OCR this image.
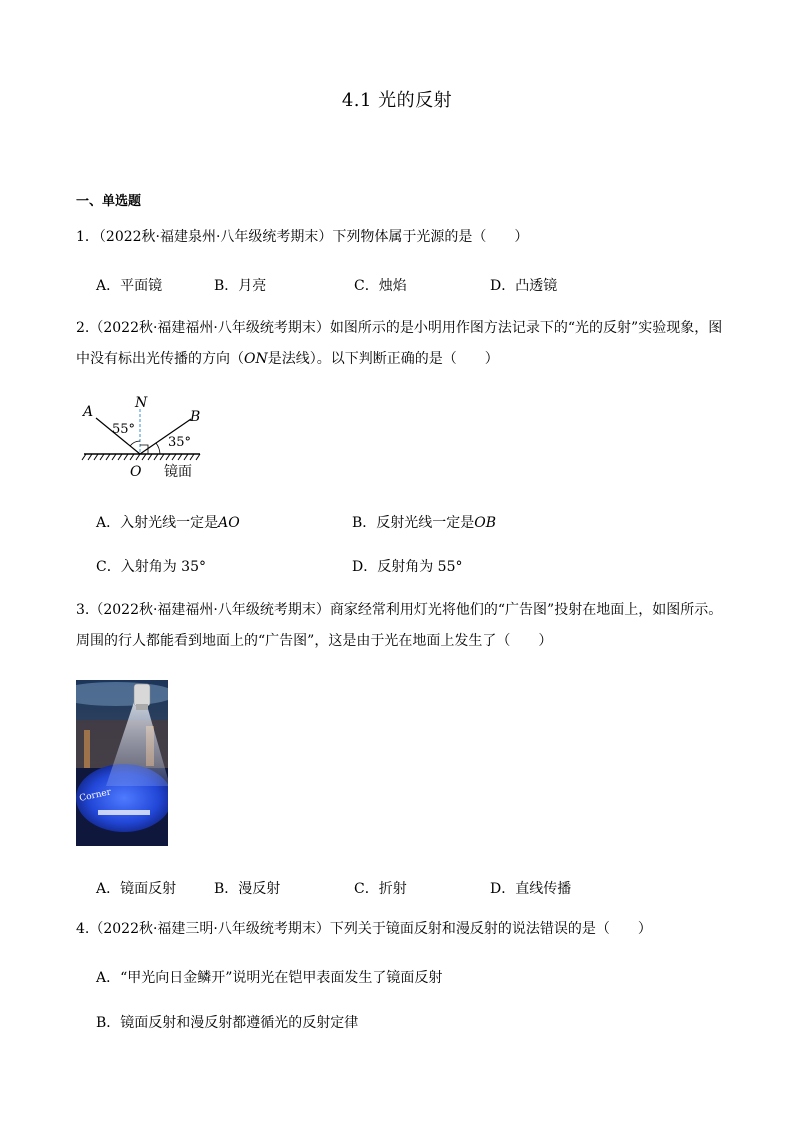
4.1 光的反射
一、单选题
1．（2022秋·福建泉州·八年级统考期末）下列物体属于光源的是（　　）
A．平面镜	B．月亮	C．烛焰	D．凸透镜
2.（2022秋·福建福州·八年级统考期末）如图所示的是小明用作图方法记录下的“光的反射”实验现象，图
中没有标出光传播的方向（ON是法线）。以下判断正确的是（　　）
A
N
B
55°
35°
O 镜面
A．入射光线一定是AO	B．反射光线一定是OB
C．入射角为 35°	D．反射角为 55°
3.（2022秋·福建福州·八年级统考期末）商家经常利用灯光将他们的“广告图”投射在地面上，如图所示。
周围的行人都能看到地面上的“广告图”，这是由于光在地面上发生了（　　）
Corner
A．镜面反射	B．漫反射	C．折射	D．直线传播
4.（2022秋·福建三明·八年级统考期末）下列关于镜面反射和漫反射的说法错误的是（　　）
A．“甲光向日金鳞开”说明光在铠甲表面发生了镜面反射
B．镜面反射和漫反射都遵循光的反射定律
